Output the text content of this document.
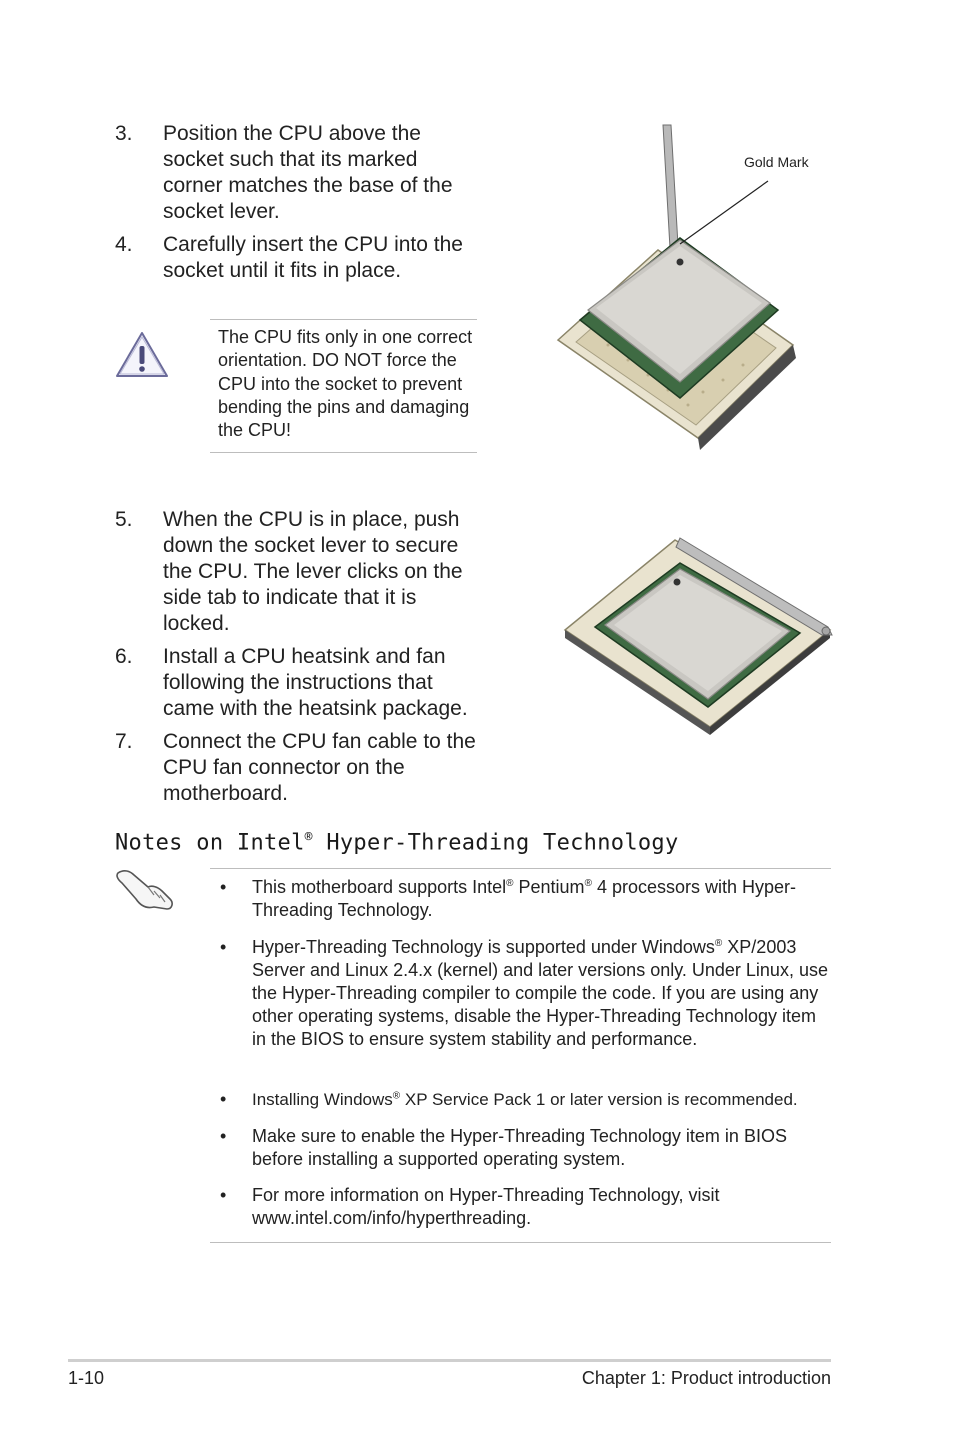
3. Position the CPU above the socket such that its marked corner matches the base of the socket lever.
4. Carefully insert the CPU into the socket until it fits in place.
The CPU fits only in one correct orientation. DO NOT force the CPU into the socket to prevent bending the pins and damaging the CPU!
Gold Mark
5. When the CPU is in place, push down the socket lever to secure the CPU. The lever clicks on the side tab to indicate that it is locked.
6. Install a CPU heatsink and fan following the instructions that came with the heatsink package.
7. Connect the CPU fan cable to the CPU fan connector on the motherboard.
Notes on Intel® Hyper-Threading Technology
• This motherboard supports Intel® Pentium® 4 processors with Hyper-Threading Technology.
• Hyper-Threading Technology is supported under Windows® XP/2003 Server and Linux 2.4.x (kernel) and later versions only. Under Linux, use the Hyper-Threading compiler to compile the code. If you are using any other operating systems, disable the Hyper-Threading Technology item in the BIOS to ensure system stability and performance.
• Installing Windows® XP Service Pack 1 or later version is recommended.
• Make sure to enable the Hyper-Threading Technology item in BIOS before installing a supported operating system.
• For more information on Hyper-Threading Technology, visit www.intel.com/info/hyperthreading.
1-10	Chapter 1: Product introduction
